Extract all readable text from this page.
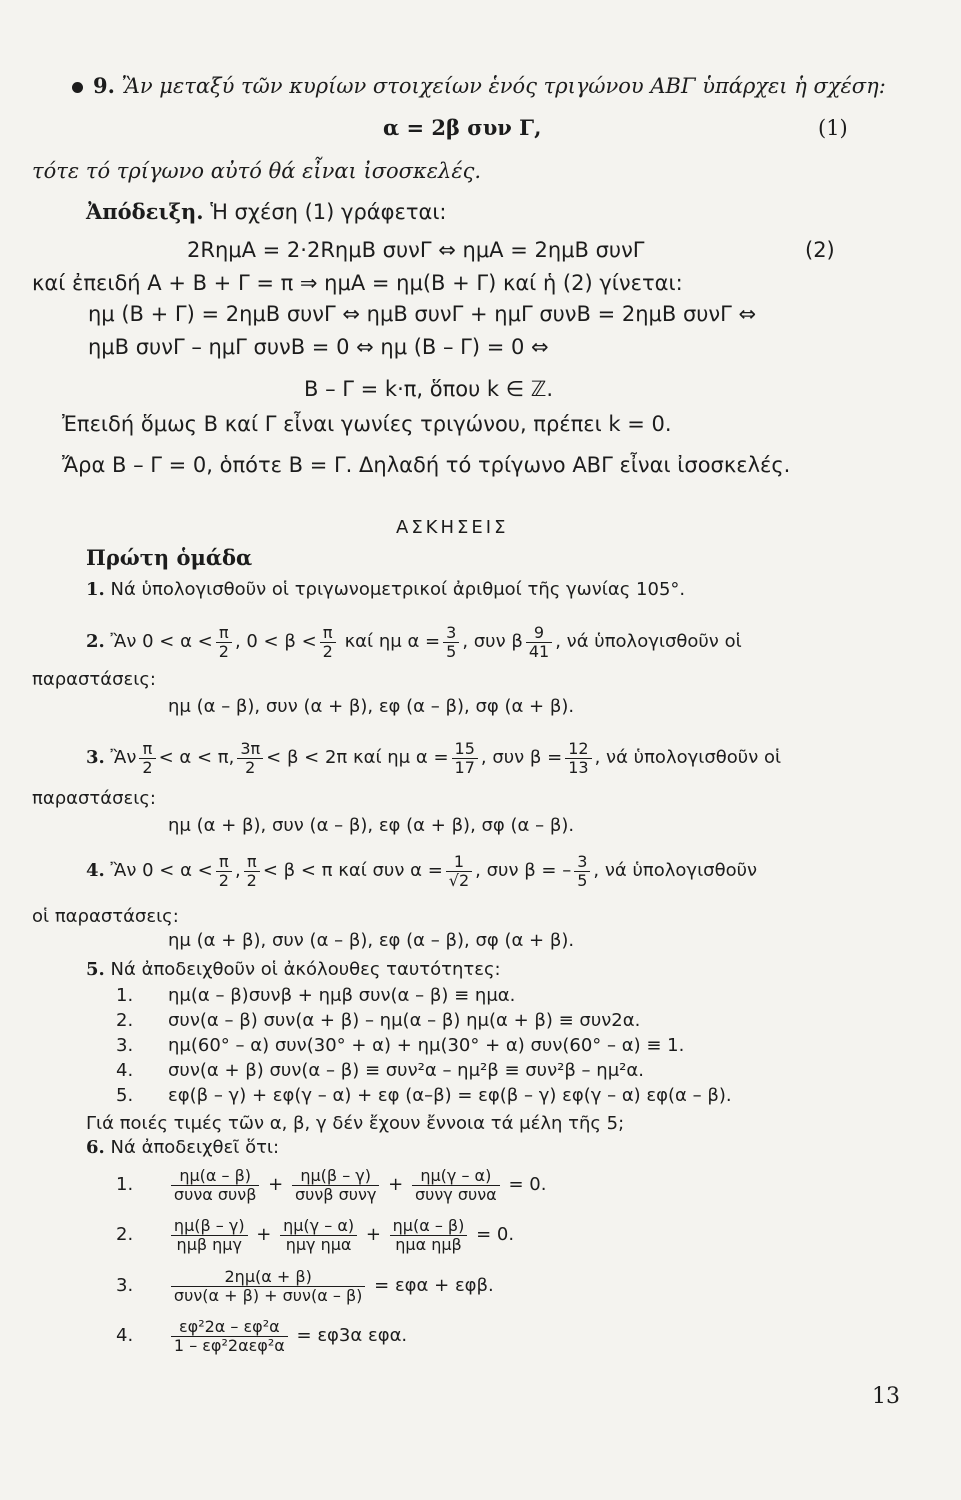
9. Ἂν μεταξύ τῶν κυρίων στοιχείων ἑνός τριγώνου ΑΒΓ ὑπάρχει ἡ σχέση:
α = 2β συν Γ,	(1)
τότε τό τρίγωνο αὐτό θά εἶναι ἰσοσκελές.
Ἀπόδειξη. Ἡ σχέση (1) γράφεται:
2RημA = 2·2RημB συνΓ ⇔ ημA = 2ημB συνΓ	(2)
καί ἐπειδή A + B + Γ = π ⇒ ημA = ημ(B + Γ) καί ἡ (2) γίνεται:
ημ (B + Γ) = 2ημB συνΓ ⇔ ημB συνΓ + ημΓ συνB = 2ημB συνΓ ⇔
ημB συνΓ – ημΓ συνB = 0 ⇔ ημ (B – Γ) = 0 ⇔
B – Γ = k·π, ὅπου k ∈ ℤ.
Ἐπειδή ὅμως B καί Γ εἶναι γωνίες τριγώνου, πρέπει k = 0.
Ἄρα B – Γ = 0, ὁπότε B = Γ. Δηλαδή τό τρίγωνο ΑΒΓ εἶναι ἰσοσκελές.
ΑΣΚΗΣΕΙΣ
Πρώτη ὁμάδα
1. Νά ὑπολογισθοῦν οἱ τριγωνομετρικοί ἀριθμοί τῆς γωνίας 105°.
2. Ἂν $0 < \alpha < \frac{\pi}{2}$ , $0 < \beta < \frac{\pi}{2}$ καί ημ $\alpha = \frac{3}{5}$ , συν β $\frac{9}{41}$ , νά ὑπολογισθοῦν οἱ
παραστάσεις:
ημ (α – β), συν (α + β), εφ (α – β), σφ (α + β).
3. Ἂν $\frac{\pi}{2} < \alpha < \pi$, $\frac{3\pi}{2} < \beta < 2\pi$ καί ημ $\alpha = \frac{15}{17}$ , συν $\beta = \frac{12}{13}$ , νά ὑπολογισθοῦν οἱ
παραστάσεις:
ημ (α + β), συν (α – β), εφ (α + β), σφ (α – β).
4. Ἂν $0 < \alpha < \frac{\pi}{2}$ , $\frac{\pi}{2} < \beta < \pi$ καί συν $\alpha = \frac{1}{√2}$ , συν β = – $\frac{3}{5}$ , νά ὑπολογισθοῦν
οἱ παραστάσεις:
ημ (α + β), συν (α – β), εφ (α – β), σφ (α + β).
5. Νά ἀποδειχθοῦν οἱ ἀκόλουθες ταυτότητες:
1. ημ(α – β)συνβ + ημβ συν(α – β) ≡ ημα.
2. συν(α – β) συν(α + β) – ημ(α – β) ημ(α + β) ≡ συν2α.
3. ημ(60° – α) συν(30° + α) + ημ(30° + α) συν(60° – α) ≡ 1.
4. συν(α + β) συν(α – β) ≡ συν²α – ημ²β ≡ συν²β – ημ²α.
5. εφ(β – γ) + εφ(γ – α) + εφ (α–β) = εφ(β – γ) εφ(γ – α) εφ(α – β).
Γιά ποιές τιμές τῶν α, β, γ δέν ἔχουν ἔννοια τά μέλη τῆς 5;
6. Νά ἀποδειχθεῖ ὅτι:
1. $\frac{\eta\mu(\alpha - \beta)}{\text{συνα συνβ}} + \frac{\eta\mu(\beta - \gamma)}{\text{συνβ συνγ}} + \frac{\eta\mu(\gamma - \alpha)}{\text{συνγ συνα}} = 0$.
2. $\frac{\eta\mu(\beta - \gamma)}{\text{ημβ ημγ}} + \frac{\eta\mu(\gamma - \alpha)}{\text{ημγ ημα}} + \frac{\eta\mu(\alpha - \beta)}{\text{ημα ημβ}} = 0$.
3. $\frac{2\eta\mu(\alpha + \beta)}{\text{συν(α + β) + συν(α – β)}} = \varepsilon\varphi\alpha + \varepsilon\varphi\beta$.
4. $\frac{\text{εφ²2α – εφ²α}}{\text{1 – εφ²2αεφ²α}} = \varepsilon\varphi 3\alpha$ εφα.
13
